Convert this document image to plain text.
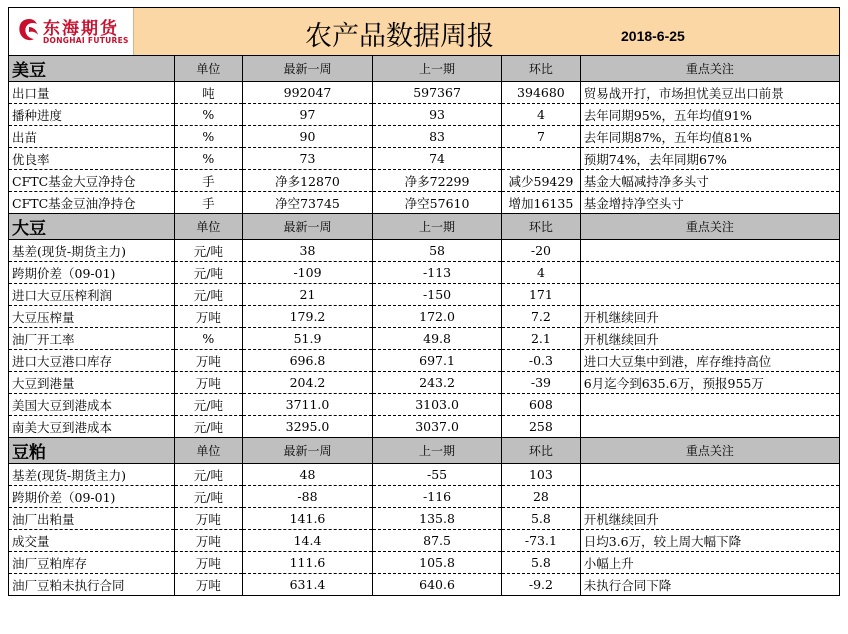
东海期货
DONGHAI FUTURES 农产品数据周报 2018-6-25					

美豆	单位	最新一周	上一期	环比	重点关注
出口量	吨	992047	597367	394680	贸易战开打，市场担忧美豆出口前景
播种进度	%	97	93	4	去年同期95%，五年均值91%
出苗	%	90	83	7	去年同期87%，五年均值81%
优良率	%	73	74		预期74%，去年同期67%
CFTC基金大豆净持仓	手	净多12870	净多72299	减少59429	基金大幅减持净多头寸
CFTC基金豆油净持仓	手	净空73745	净空57610	增加16135	基金增持净空头寸
大豆	单位	最新一周	上一期	环比	重点关注
基差(现货-期货主力)	元/吨	38	58	-20	
跨期价差（09-01)	元/吨	-109	-113	4	
进口大豆压榨利润	元/吨	21	-150	171	
大豆压榨量	万吨	179.2	172.0	7.2	开机继续回升
油厂开工率	%	51.9	49.8	2.1	开机继续回升
进口大豆港口库存	万吨	696.8	697.1	-0.3	进口大豆集中到港，库存维持高位
大豆到港量	万吨	204.2	243.2	-39	6月迄今到635.6万，预报955万
美国大豆到港成本	元/吨	3711.0	3103.0	608	
南美大豆到港成本	元/吨	3295.0	3037.0	258	
豆粕	单位	最新一周	上一期	环比	重点关注
基差(现货-期货主力)	元/吨	48	-55	103	
跨期价差（09-01)	元/吨	-88	-116	28	
油厂出粕量	万吨	141.6	135.8	5.8	开机继续回升
成交量	万吨	14.4	87.5	-73.1	日均3.6万，较上周大幅下降
油厂豆粕库存	万吨	111.6	105.8	5.8	小幅上升
油厂豆粕未执行合同	万吨	631.4	640.6	-9.2	未执行合同下降
